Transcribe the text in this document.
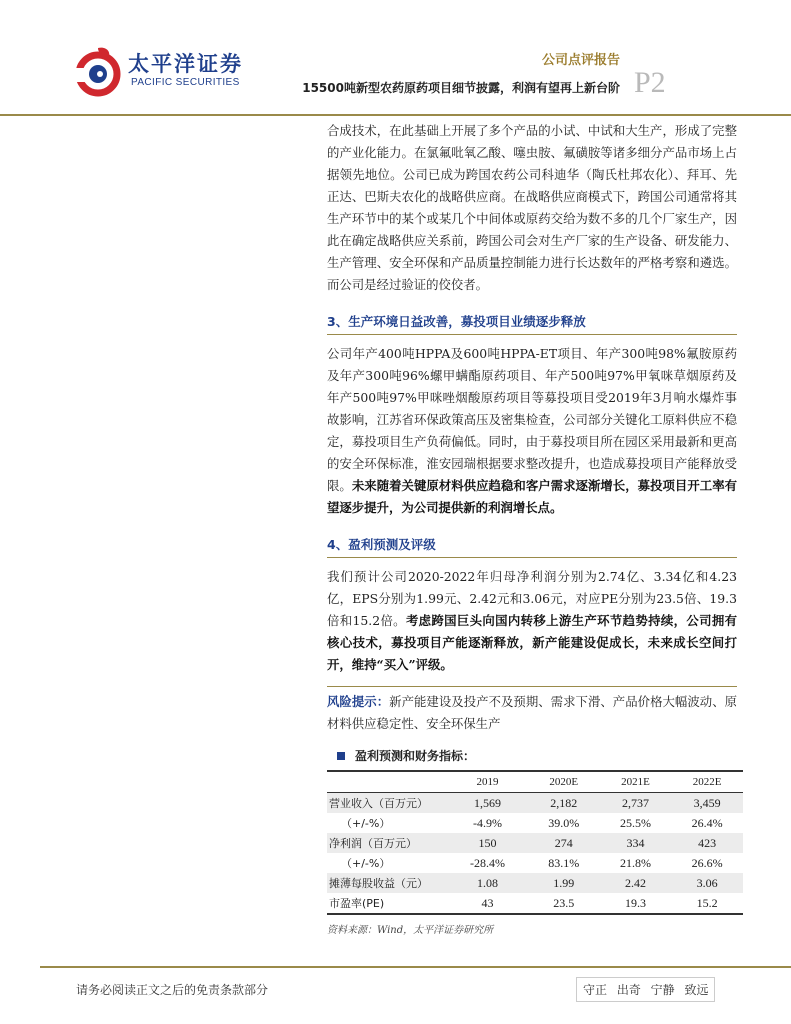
太平洋证券
PACIFIC SECURITIES
公司点评报告
15500吨新型农药原药项目细节披露，利润有望再上新台阶 P2

合成技术，在此基础上开展了多个产品的小试、中试和大生产，形成了完整的产业化能力。在氯氟吡氧乙酸、噻虫胺、氟磺胺等诸多细分产品市场上占据领先地位。公司已成为跨国农药公司科迪华（陶氏杜邦农化）、拜耳、先正达、巴斯夫农化的战略供应商。在战略供应商模式下，跨国公司通常将其生产环节中的某个或某几个中间体或原药交给为数不多的几个厂家生产，因此在确定战略供应关系前，跨国公司会对生产厂家的生产设备、研发能力、生产管理、安全环保和产品质量控制能力进行长达数年的严格考察和遴选。而公司是经过验证的佼佼者。

3、生产环境日益改善，募投项目业绩逐步释放

公司年产400吨HPPA及600吨HPPA-ET项目、年产300吨98%氟胺原药及年产300吨96%螺甲螨酯原药项目、年产500吨97%甲氧咪草烟原药及年产500吨97%甲咪唑烟酸原药项目等募投项目受2019年3月响水爆炸事故影响，江苏省环保政策高压及密集检查，公司部分关键化工原料供应不稳定，募投项目生产负荷偏低。同时，由于募投项目所在园区采用最新和更高的安全环保标准，淮安园瑞根据要求整改提升，也造成募投项目产能释放受限。未来随着关键原材料供应趋稳和客户需求逐渐增长，募投项目开工率有望逐步提升，为公司提供新的利润增长点。

4、盈利预测及评级

我们预计公司2020-2022年归母净利润分别为2.74亿、3.34亿和4.23亿，EPS分别为1.99元、2.42元和3.06元，对应PE分别为23.5倍、19.3倍和15.2倍。考虑跨国巨头向国内转移上游生产环节趋势持续，公司拥有核心技术，募投项目产能逐渐释放，新产能建设促成长，未来成长空间打开，维持“买入”评级。

风险提示：新产能建设及投产不及预期、需求下滑、产品价格大幅波动、原材料供应稳定性、安全环保生产

盈利预测和财务指标：
	2019	2020E	2021E	2022E
营业收入（百万元）	1,569	2,182	2,737	3,459
（+/-%）	-4.9%	39.0%	25.5%	26.4%
净利润（百万元）	150	274	334	423
（+/-%）	-28.4%	83.1%	21.8%	26.6%
摊薄每股收益（元）	1.08	1.99	2.42	3.06
市盈率(PE)	43	23.5	19.3	15.2
资料来源：Wind，太平洋证券研究所
请务必阅读正文之后的免责条款部分	守正 出奇 宁静 致远
